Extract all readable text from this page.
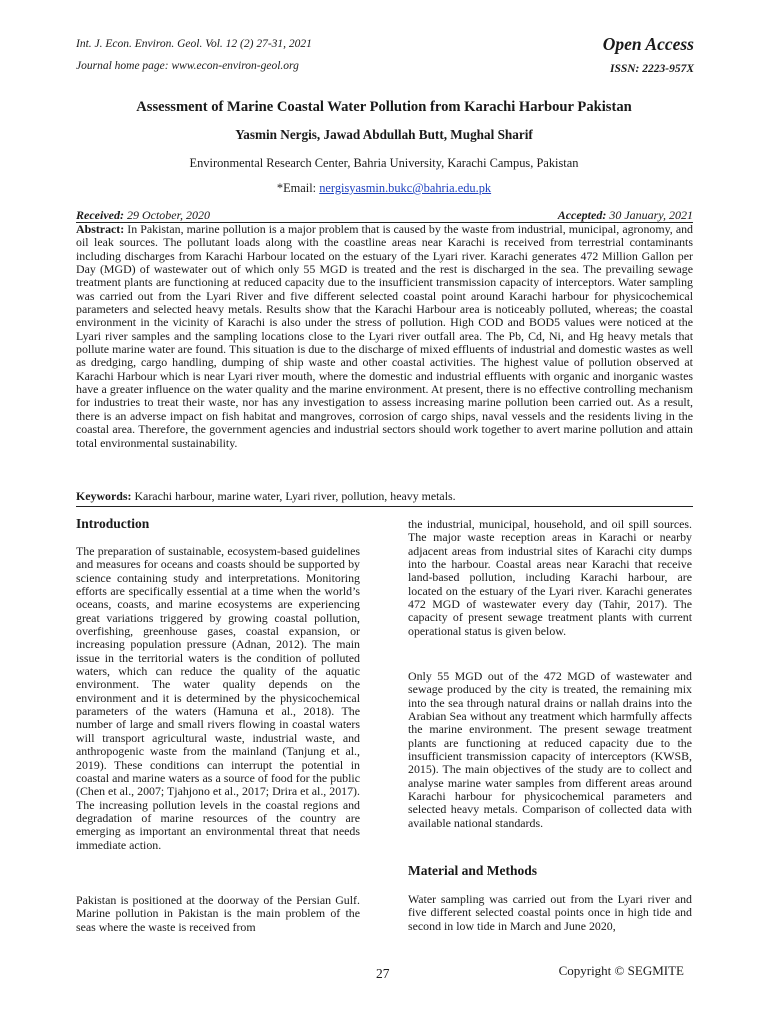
Int. J. Econ. Environ. Geol. Vol. 12 (2) 27-31, 2021
Journal home page: www.econ-environ-geol.org
Open Access
ISSN: 2223-957X
Assessment of Marine Coastal Water Pollution from Karachi Harbour Pakistan
Yasmin Nergis, Jawad Abdullah Butt, Mughal Sharif
Environmental Research Center, Bahria University, Karachi Campus, Pakistan
*Email: nergisyasmin.bukc@bahria.edu.pk
Received: 29 October, 2020	Accepted: 30 January, 2021
Abstract: In Pakistan, marine pollution is a major problem that is caused by the waste from industrial, municipal, agronomy, and oil leak sources. The pollutant loads along with the coastline areas near Karachi is received from terrestrial contaminants including discharges from Karachi Harbour located on the estuary of the Lyari river. Karachi generates 472 Million Gallon per Day (MGD) of wastewater out of which only 55 MGD is treated and the rest is discharged in the sea. The prevailing sewage treatment plants are functioning at reduced capacity due to the insufficient transmission capacity of interceptors. Water sampling was carried out from the Lyari River and five different selected coastal point around Karachi harbour for physicochemical parameters and selected heavy metals. Results show that the Karachi Harbour area is noticeably polluted, whereas; the coastal environment in the vicinity of Karachi is also under the stress of pollution. High COD and BOD5 values were noticed at the Lyari river samples and the sampling locations close to the Lyari river outfall area. The Pb, Cd, Ni, and Hg heavy metals that pollute marine water are found. This situation is due to the discharge of mixed effluents of industrial and domestic wastes as well as dredging, cargo handling, dumping of ship waste and other coastal activities. The highest value of pollution observed at Karachi Harbour which is near Lyari river mouth, where the domestic and industrial effluents with organic and inorganic wastes have a greater influence on the water quality and the marine environment. At present, there is no effective controlling mechanism for industries to treat their waste, nor has any investigation to assess increasing marine pollution been carried out. As a result, there is an adverse impact on fish habitat and mangroves, corrosion of cargo ships, naval vessels and the residents living in the coastal area. Therefore, the government agencies and industrial sectors should work together to avert marine pollution and attain total environmental sustainability.
Keywords: Karachi harbour, marine water, Lyari river, pollution, heavy metals.
Introduction
The preparation of sustainable, ecosystem-based guidelines and measures for oceans and coasts should be supported by science containing study and interpretations. Monitoring efforts are specifically essential at a time when the world’s oceans, coasts, and marine ecosystems are experiencing great variations triggered by growing coastal pollution, overfishing, greenhouse gases, coastal expansion, or increasing population pressure (Adnan, 2012). The main issue in the territorial waters is the condition of polluted waters, which can reduce the quality of the aquatic environment. The water quality depends on the environment and it is determined by the physicochemical parameters of the waters (Hamuna et al., 2018). The number of large and small rivers flowing in coastal waters will transport agricultural waste, industrial waste, and anthropogenic waste from the mainland (Tanjung et al., 2019). These conditions can interrupt the potential in coastal and marine waters as a source of food for the public (Chen et al., 2007; Tjahjono et al., 2017; Drira et al., 2017). The increasing pollution levels in the coastal regions and degradation of marine resources of the country are emerging as important an environmental threat that needs immediate action.
Pakistan is positioned at the doorway of the Persian Gulf. Marine pollution in Pakistan is the main problem of the seas where the waste is received from
the industrial, municipal, household, and oil spill sources. The major waste reception areas in Karachi or nearby adjacent areas from industrial sites of Karachi city dumps into the harbour. Coastal areas near Karachi that receive land-based pollution, including Karachi harbour, are located on the estuary of the Lyari river. Karachi generates 472 MGD of wastewater every day (Tahir, 2017). The capacity of present sewage treatment plants with current operational status is given below.
Only 55 MGD out of the 472 MGD of wastewater and sewage produced by the city is treated, the remaining mix into the sea through natural drains or nallah drains into the Arabian Sea without any treatment which harmfully affects the marine environment. The present sewage treatment plants are functioning at reduced capacity due to the insufficient transmission capacity of interceptors (KWSB, 2015). The main objectives of the study are to collect and analyse marine water samples from different areas around Karachi harbour for physicochemical parameters and selected heavy metals. Comparison of collected data with available national standards.
Material and Methods
Water sampling was carried out from the Lyari river and five different selected coastal points once in high tide and second in low tide in March and June 2020,
27	Copyright © SEGMITE
